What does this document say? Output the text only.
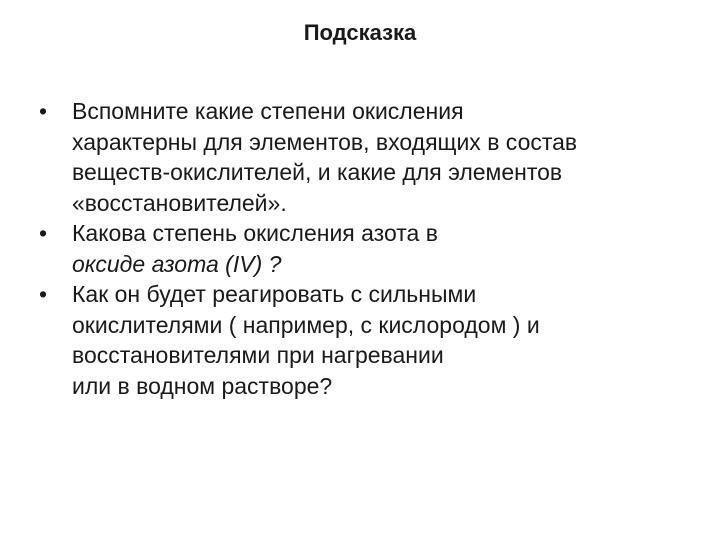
Подсказка
•	Вспомните какие степени окисления
характерны для элементов, входящих в состав
веществ-окислителей, и какие для элементов
«восстановителей».
•	Какова степень окисления азота в
оксиде азота (IV) ?
•	Как он будет реагировать с сильными
окислителями ( например, с кислородом ) и
восстановителями при нагревании
или в водном растворе?
